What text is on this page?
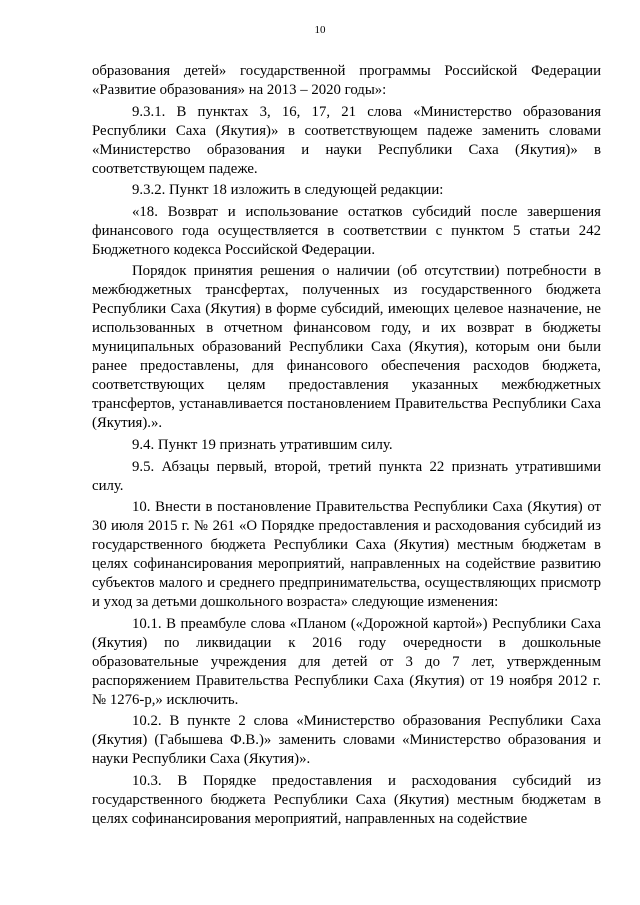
10

образования детей» государственной программы Российской Федерации «Развитие образования» на 2013 – 2020 годы»:

9.3.1. В пунктах 3, 16, 17, 21 слова «Министерство образования Республики Саха (Якутия)» в соответствующем падеже заменить словами «Министерство образования и науки Республики Саха (Якутия)» в соответствующем падеже.

9.3.2. Пункт 18 изложить в следующей редакции:

«18. Возврат и использование остатков субсидий после завершения финансового года осуществляется в соответствии с пунктом 5 статьи 242 Бюджетного кодекса Российской Федерации.

Порядок принятия решения о наличии (об отсутствии) потребности в межбюджетных трансфертах, полученных из государственного бюджета Республики Саха (Якутия) в форме субсидий, имеющих целевое назначение, не использованных в отчетном финансовом году, и их возврат в бюджеты муниципальных образований Республики Саха (Якутия), которым они были ранее предоставлены, для финансового обеспечения расходов бюджета, соответствующих целям предоставления указанных межбюджетных трансфертов, устанавливается постановлением Правительства Республики Саха (Якутия).».

9.4. Пункт 19 признать утратившим силу.

9.5. Абзацы первый, второй, третий пункта 22 признать утратившими силу.

10. Внести в постановление Правительства Республики Саха (Якутия) от 30 июля 2015 г. № 261 «О Порядке предоставления и расходования субсидий из государственного бюджета Республики Саха (Якутия) местным бюджетам в целях софинансирования мероприятий, направленных на содействие развитию субъектов малого и среднего предпринимательства, осуществляющих присмотр и уход за детьми дошкольного возраста» следующие изменения:

10.1. В преамбуле слова «Планом («Дорожной картой») Республики Саха (Якутия) по ликвидации к 2016 году очередности в дошкольные образовательные учреждения для детей от 3 до 7 лет, утвержденным распоряжением Правительства Республики Саха (Якутия) от 19 ноября 2012 г. № 1276-р,» исключить.

10.2. В пункте 2 слова «Министерство образования Республики Саха (Якутия) (Габышева Ф.В.)» заменить словами «Министерство образования и науки Республики Саха (Якутия)».

10.3. В Порядке предоставления и расходования субсидий из государственного бюджета Республики Саха (Якутия) местным бюджетам в целях софинансирования мероприятий, направленных на содействие
